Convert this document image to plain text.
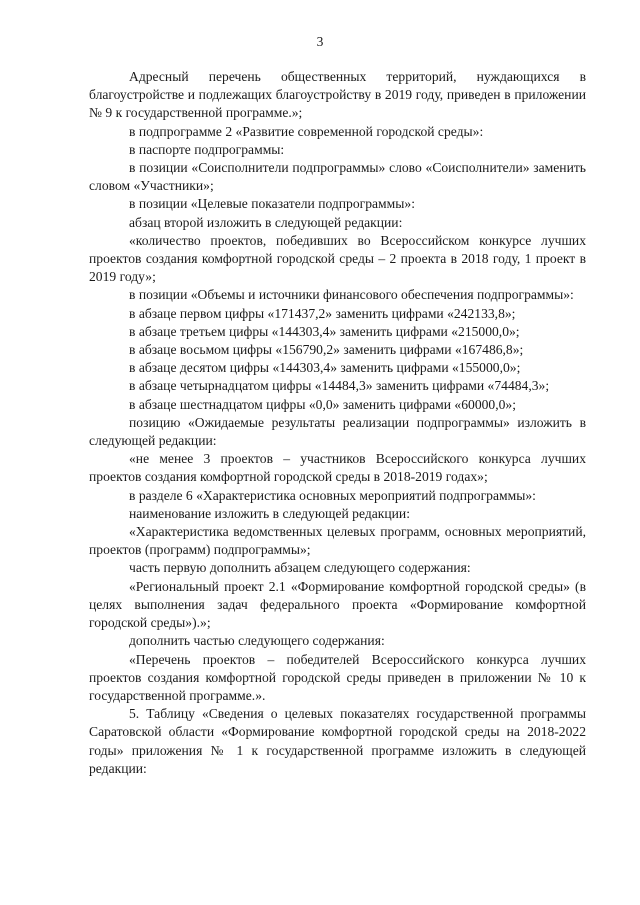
3

Адресный перечень общественных территорий, нуждающихся в благоустройстве и подлежащих благоустройству в 2019 году, приведен в приложении № 9 к государственной программе.»;

в подпрограмме 2 «Развитие современной городской среды»:

в паспорте подпрограммы:

в позиции «Соисполнители подпрограммы» слово «Соисполнители» заменить словом «Участники»;

в позиции «Целевые показатели подпрограммы»:

абзац второй изложить в следующей редакции:

«количество проектов, победивших во Всероссийском конкурсе лучших проектов создания комфортной городской среды – 2 проекта в 2018 году, 1 проект в 2019 году»;

в позиции «Объемы и источники финансового обеспечения подпрограммы»:

в абзаце первом цифры «171437,2» заменить цифрами «242133,8»;

в абзаце третьем цифры «144303,4» заменить цифрами «215000,0»;

в абзаце восьмом цифры «156790,2» заменить цифрами «167486,8»;

в абзаце десятом цифры «144303,4» заменить цифрами «155000,0»;

в абзаце четырнадцатом цифры «14484,3» заменить цифрами «74484,3»;

в абзаце шестнадцатом цифры «0,0» заменить цифрами «60000,0»;

позицию «Ожидаемые результаты реализации подпрограммы» изложить в следующей редакции:

«не менее 3 проектов – участников Всероссийского конкурса лучших проектов создания комфортной городской среды в 2018-2019 годах»;

в разделе 6 «Характеристика основных мероприятий подпрограммы»:

наименование изложить в следующей редакции:

«Характеристика ведомственных целевых программ, основных мероприятий, проектов (программ) подпрограммы»;

часть первую дополнить абзацем следующего содержания:

«Региональный проект 2.1 «Формирование комфортной городской среды» (в целях выполнения задач федерального проекта «Формирование комфортной городской среды»).»;

дополнить частью следующего содержания:

«Перечень проектов – победителей Всероссийского конкурса лучших проектов создания комфортной городской среды приведен в приложении № 10 к государственной программе.».

5. Таблицу «Сведения о целевых показателях государственной программы Саратовской области «Формирование комфортной городской среды на 2018-2022 годы» приложения № 1 к государственной программе изложить в следующей редакции:
